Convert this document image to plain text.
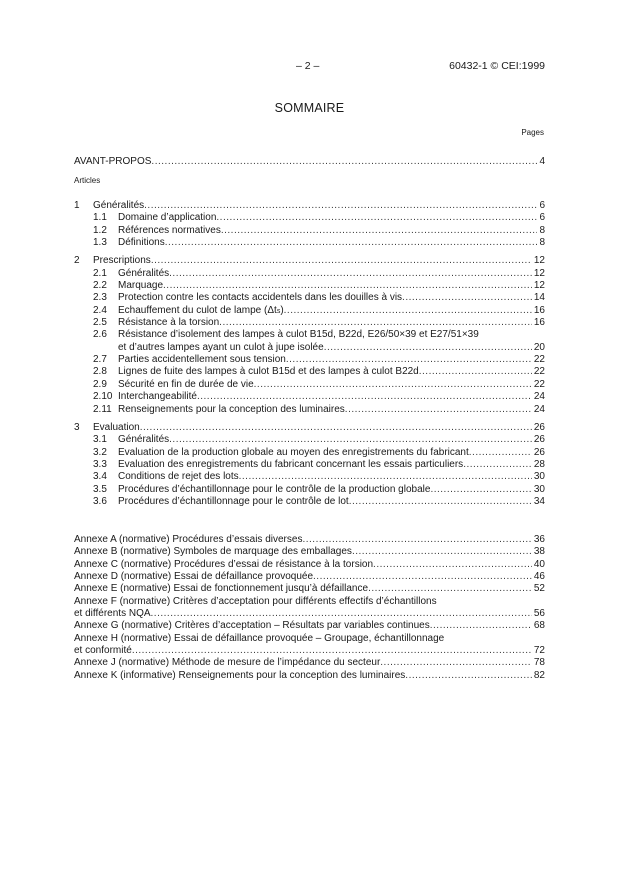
– 2 –	60432-1 © CEI:1999
SOMMAIRE
Pages
AVANT-PROPOS .....	4
Articles
1 Généralités .....	6
1.1 Domaine d’application .....	6
1.2 Références normatives .....	8
1.3 Définitions .....	8
2 Prescriptions .....	12
2.1 Généralités .....	12
2.2 Marquage .....	12
2.3 Protection contre les contacts accidentels dans les douilles à vis .....	14
2.4 Echauffement du culot de lampe (Δt s ) .....	16
2.5 Résistance à la torsion .....	16
2.6 Résistance d’isolement des lampes à culot B15d, B22d, E26/50×39 et E27/51×39
et d’autres lampes ayant un culot à jupe isolée .....	20
2.7 Parties accidentellement sous tension .....	22
2.8 Lignes de fuite des lampes à culot B15d et des lampes à culot B22d .....	22
2.9 Sécurité en fin de durée de vie .....	22
2.10 Interchangeabilité .....	24
2.11 Renseignements pour la conception des luminaires .....	24
3 Evaluation .....	26
3.1 Généralités .....	26
3.2 Evaluation de la production globale au moyen des enregistrements du fabricant .....	26
3.3 Evaluation des enregistrements du fabricant concernant les essais particuliers .....	28
3.4 Conditions de rejet des lots .....	30
3.5 Procédures d’échantillonnage pour le contrôle de la production globale .....	30
3.6 Procédures d’échantillonnage pour le contrôle de lot .....	34
Annexe A (normative) Procédures d’essais diverses .....	36
Annexe B (normative) Symboles de marquage des emballages .....	38
Annexe C (normative) Procédures d’essai de résistance à la torsion .....	40
Annexe D (normative) Essai de défaillance provoquée .....	46
Annexe E (normative) Essai de fonctionnement jusqu’à défaillance .....	52
Annexe F (normative) Critères d’acceptation pour différents effectifs d’échantillons
et différents NQA .....	56
Annexe G (normative) Critères d’acceptation – Résultats par variables continues .....	68
Annexe H (normative) Essai de défaillance provoquée – Groupage, échantillonnage
et conformité .....	72
Annexe J (normative) Méthode de mesure de l’impédance du secteur .....	78
Annexe K (informative) Renseignements pour la conception des luminaires .....	82
